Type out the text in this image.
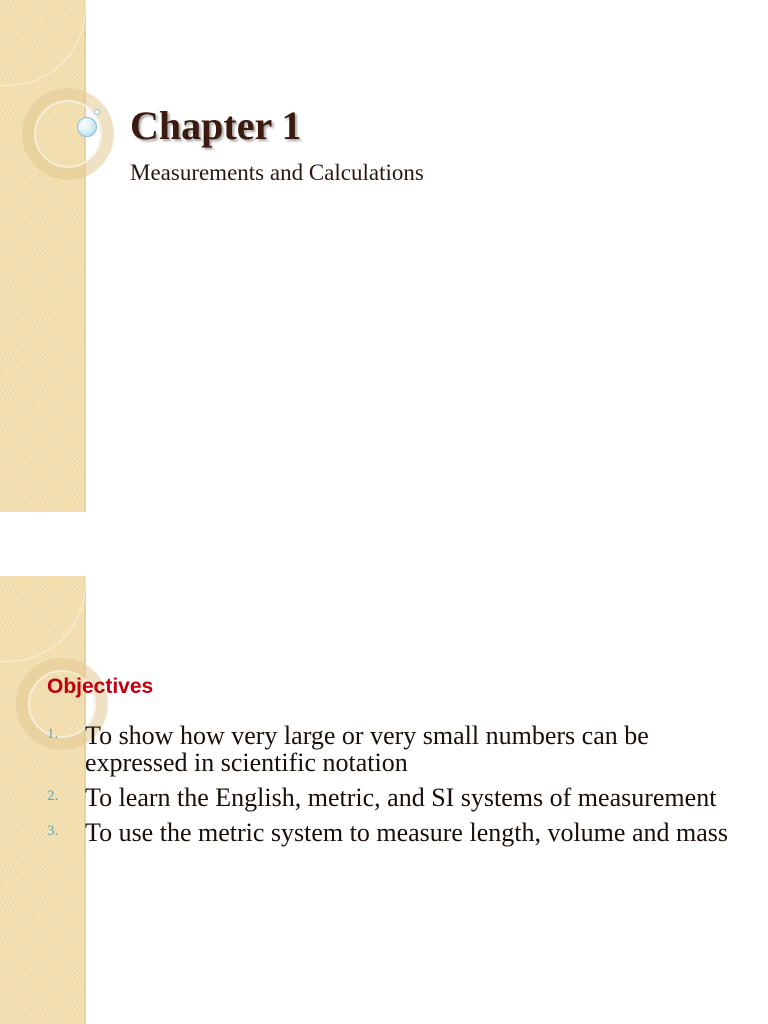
Chapter 1

Measurements and Calculations

Objectives
1. To show how very large or very small numbers can be expressed in scientific notation
2. To learn the English, metric, and SI systems of measurement
3. To use the metric system to measure length, volume and mass
